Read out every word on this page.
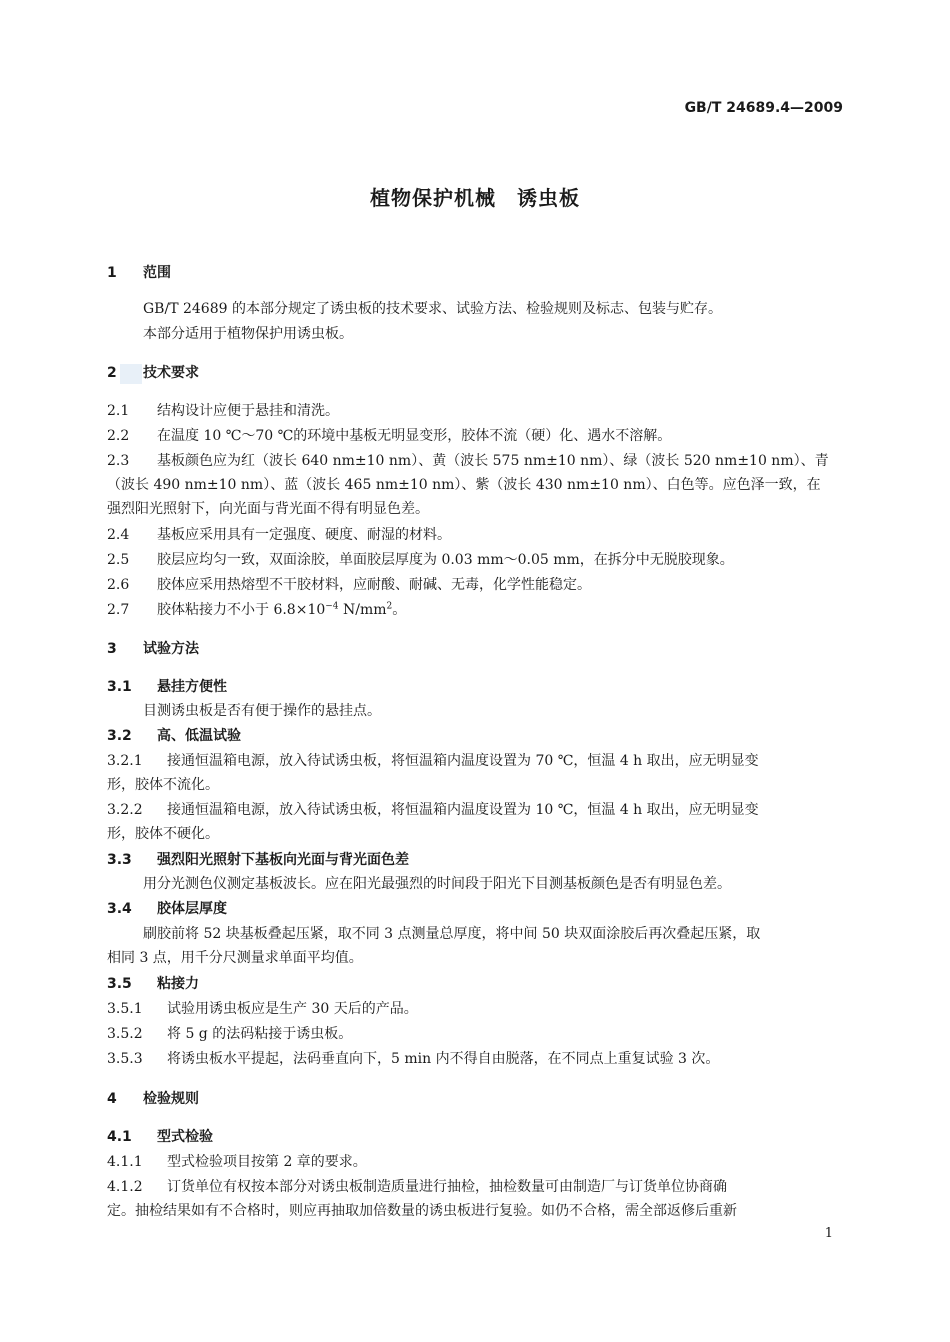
GB/T 24689.4—2009
植物保护机械　诱虫板
1 范围
GB/T 24689 的本部分规定了诱虫板的技术要求、试验方法、检验规则及标志、包装与贮存。
本部分适用于植物保护用诱虫板。
2 技术要求
2.1 结构设计应便于悬挂和清洗。
2.2 在温度 10 ℃～70 ℃的环境中基板无明显变形，胶体不流（硬）化、遇水不溶解。
2.3 基板颜色应为红（波长 640 nm±10 nm）、黄（波长 575 nm±10 nm）、绿（波长 520 nm±10 nm）、青
（波长 490 nm±10 nm）、蓝（波长 465 nm±10 nm）、紫（波长 430 nm±10 nm）、白色等。应色泽一致，在
强烈阳光照射下，向光面与背光面不得有明显色差。
2.4 基板应采用具有一定强度、硬度、耐湿的材料。
2.5 胶层应均匀一致，双面涂胶，单面胶层厚度为 0.03 mm～0.05 mm，在拆分中无脱胶现象。
2.6 胶体应采用热熔型不干胶材料，应耐酸、耐碱、无毒，化学性能稳定。
2.7 胶体粘接力不小于 $6.8\times 10^{-4}$ $N/mm^2$。
3 试验方法
3.1 悬挂方便性
目测诱虫板是否有便于操作的悬挂点。
3.2 高、低温试验
3.2.1 接通恒温箱电源，放入待试诱虫板，将恒温箱内温度设置为 70 ℃，恒温 4 h 取出，应无明显变
形，胶体不流化。
3.2.2 接通恒温箱电源，放入待试诱虫板，将恒温箱内温度设置为 10 ℃，恒温 4 h 取出，应无明显变
形，胶体不硬化。
3.3 强烈阳光照射下基板向光面与背光面色差
用分光测色仪测定基板波长。应在阳光最强烈的时间段于阳光下目测基板颜色是否有明显色差。
3.4 胶体层厚度
刷胶前将 52 块基板叠起压紧，取不同 3 点测量总厚度，将中间 50 块双面涂胶后再次叠起压紧，取
相同 3 点，用千分尺测量求单面平均值。
3.5 粘接力
3.5.1 试验用诱虫板应是生产 30 天后的产品。
3.5.2 将 5 g 的法码粘接于诱虫板。
3.5.3 将诱虫板水平提起，法码垂直向下，5 min 内不得自由脱落，在不同点上重复试验 3 次。
4 检验规则
4.1 型式检验
4.1.1 型式检验项目按第 2 章的要求。
4.1.2 订货单位有权按本部分对诱虫板制造质量进行抽检，抽检数量可由制造厂与订货单位协商确
定。抽检结果如有不合格时，则应再抽取加倍数量的诱虫板进行复验。如仍不合格，需全部返修后重新
1
